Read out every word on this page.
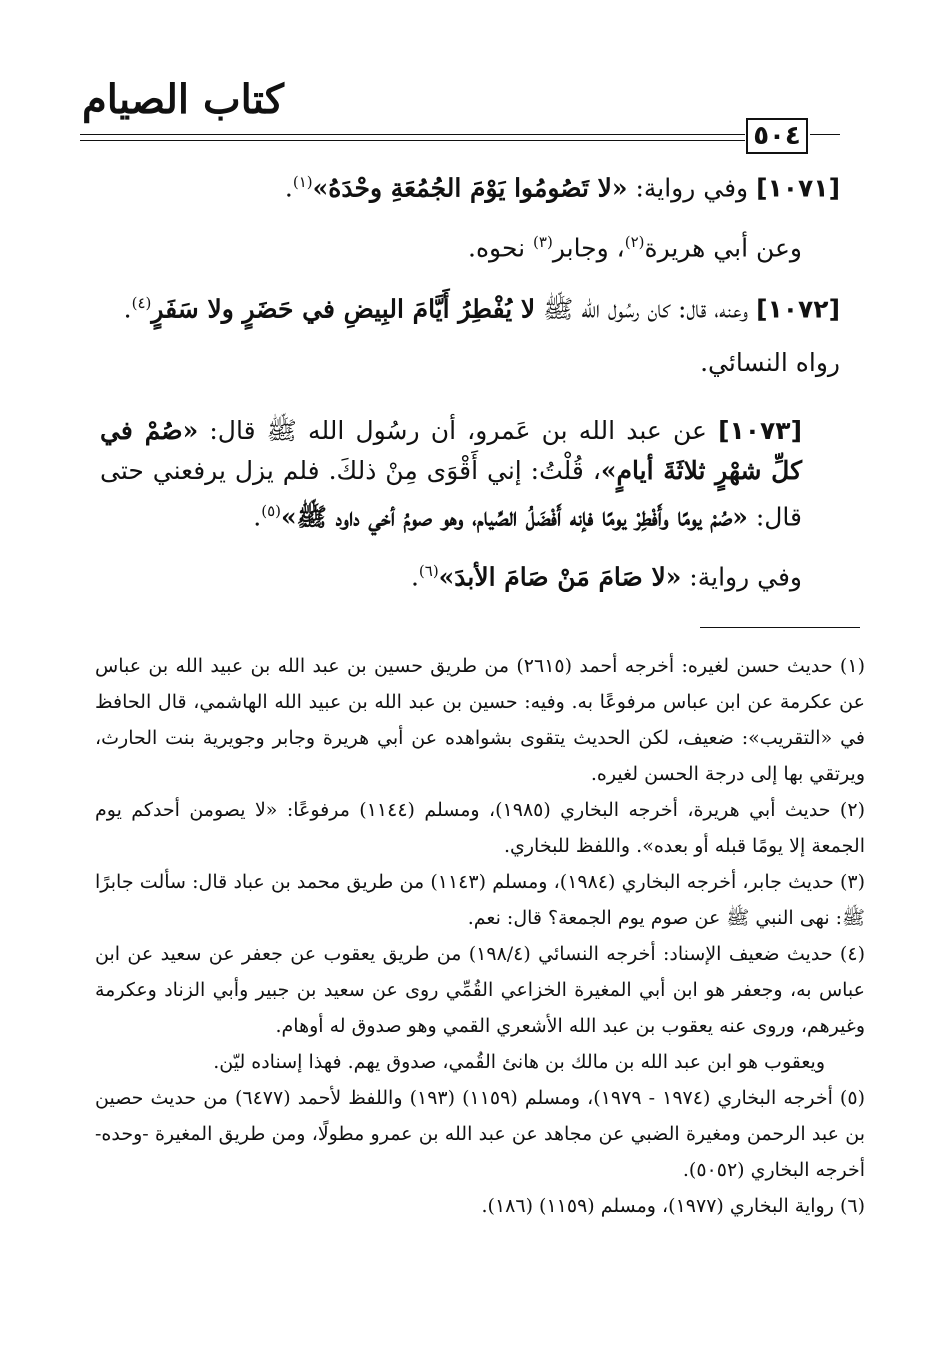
كتاب الصيام
٥٠٤

[١٠٧١] وفي رواية: «لا تَصُومُوا يَوْمَ الجُمُعَةِ وحْدَهُ»$^{(١)}$.

وعن أبي هريرة$^{(٢)}$، وجابر$^{(٣)}$ نحوه.

[١٠٧٢] وعنه، قال: كان رسُول الله ﷺ لا يُفْطِرُ أَيَّامَ البِيضِ في حَضَرٍ ولا سَفَرٍ$^{(٤)}$.

رواه النسائي.

[١٠٧٣] عن عبد الله بن عَمرو، أن رسُول الله ﷺ قال: «صُمْ في كلِّ شهْرٍ ثلاثَةَ أيامٍ»، قُلْتُ: إني أَقْوَى مِنْ ذلكَ. فلم يزل يرفعني حتى قال: «صُمْ يومًا وأَفْطِرْ يومًا فإنه أَفْضَلُ الصِّيام، وهو صومُ أخي داود ﷺ»$^{(٥)}$.

وفي رواية: «لا صَامَ مَنْ صَامَ الأبدَ»$^{(٦)}$.

(١) حديث حسن لغيره: أخرجه أحمد (٢٦١٥) من طريق حسين بن عبد الله بن عبيد الله بن عباس عن عكرمة عن ابن عباس مرفوعًا به. وفيه: حسين بن عبد الله بن عبيد الله الهاشمي، قال الحافظ في «التقريب»: ضعيف، لكن الحديث يتقوى بشواهده عن أبي هريرة وجابر وجويرية بنت الحارث، ويرتقي بها إلى درجة الحسن لغيره.

(٢) حديث أبي هريرة، أخرجه البخاري (١٩٨٥)، ومسلم (١١٤٤) مرفوعًا: «لا يصومن أحدكم يوم الجمعة إلا يومًا قبله أو بعده». واللفظ للبخاري.

(٣) حديث جابر، أخرجه البخاري (١٩٨٤)، ومسلم (١١٤٣) من طريق محمد بن عباد قال: سألت جابرًا ﷺ: نهى النبي ﷺ عن صوم يوم الجمعة؟ قال: نعم.

(٤) حديث ضعيف الإسناد: أخرجه النسائي (١٩٨/٤) من طريق يعقوب عن جعفر عن سعيد عن ابن عباس به، وجعفر هو ابن أبي المغيرة الخزاعي القُمِّي روى عن سعيد بن جبير وأبي الزناد وعكرمة وغيرهم، وروى عنه يعقوب بن عبد الله الأشعري القمي وهو صدوق له أوهام.

ويعقوب هو ابن عبد الله بن مالك بن هانئ القُمي، صدوق يهم. فهذا إسناده ليّن.

(٥) أخرجه البخاري (١٩٧٤ - ١٩٧٩)، ومسلم (١١٥٩) (١٩٣) واللفظ لأحمد (٦٤٧٧) من حديث حصين بن عبد الرحمن ومغيرة الضبي عن مجاهد عن عبد الله بن عمرو مطولًا، ومن طريق المغيرة -وحده- أخرجه البخاري (٥٠٥٢).

(٦) رواية البخاري (١٩٧٧)، ومسلم (١١٥٩) (١٨٦).
